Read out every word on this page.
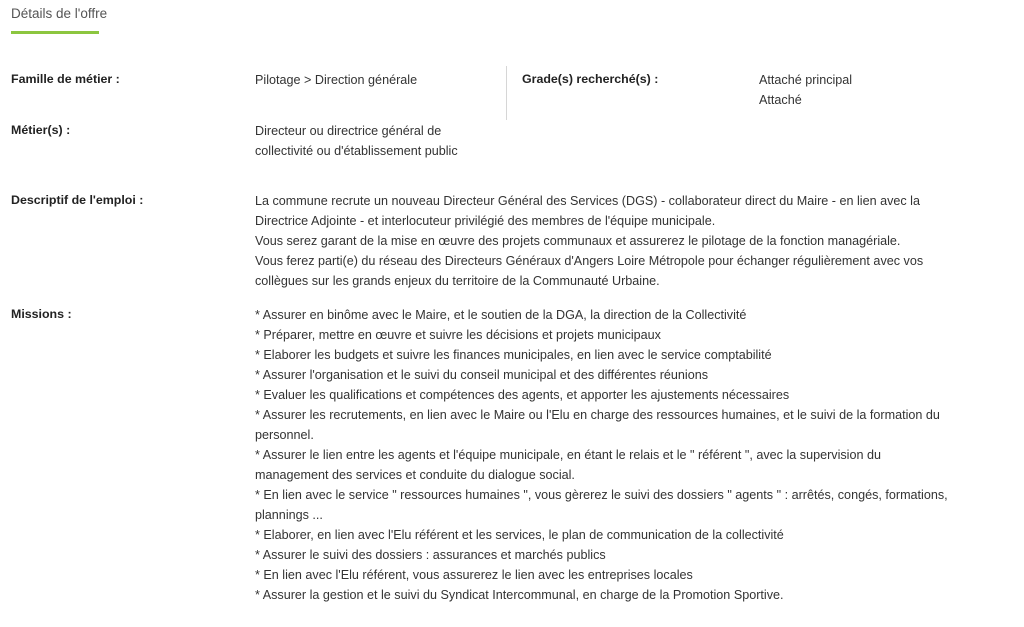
Détails de l'offre
Famille de métier :	Pilotage > Direction générale	Grade(s) recherché(s) :	Attaché principal
Attaché
Métier(s) :	Directeur ou directrice général de
collectivité ou d'établissement public
Descriptif de l'emploi :	La commune recrute un nouveau Directeur Général des Services (DGS) - collaborateur direct du Maire - en lien avec la
Directrice Adjointe - et interlocuteur privilégié des membres de l'équipe municipale.
Vous serez garant de la mise en œuvre des projets communaux et assurerez le pilotage de la fonction managériale.
Vous ferez parti(e) du réseau des Directeurs Généraux d'Angers Loire Métropole pour échanger régulièrement avec vos
collègues sur les grands enjeux du territoire de la Communauté Urbaine.
Missions :	* Assurer en binôme avec le Maire, et le soutien de la DGA, la direction de la Collectivité
* Préparer, mettre en œuvre et suivre les décisions et projets municipaux
* Elaborer les budgets et suivre les finances municipales, en lien avec le service comptabilité
* Assurer l'organisation et le suivi du conseil municipal et des différentes réunions
* Evaluer les qualifications et compétences des agents, et apporter les ajustements nécessaires
* Assurer les recrutements, en lien avec le Maire ou l'Elu en charge des ressources humaines, et le suivi de la formation du
personnel.
* Assurer le lien entre les agents et l'équipe municipale, en étant le relais et le " référent ", avec la supervision du
management des services et conduite du dialogue social.
* En lien avec le service " ressources humaines ", vous gèrerez le suivi des dossiers " agents " : arrêtés, congés, formations,
plannings ...
* Elaborer, en lien avec l'Elu référent et les services, le plan de communication de la collectivité
* Assurer le suivi des dossiers : assurances et marchés publics
* En lien avec l'Elu référent, vous assurerez le lien avec les entreprises locales
* Assurer la gestion et le suivi du Syndicat Intercommunal, en charge de la Promotion Sportive.
